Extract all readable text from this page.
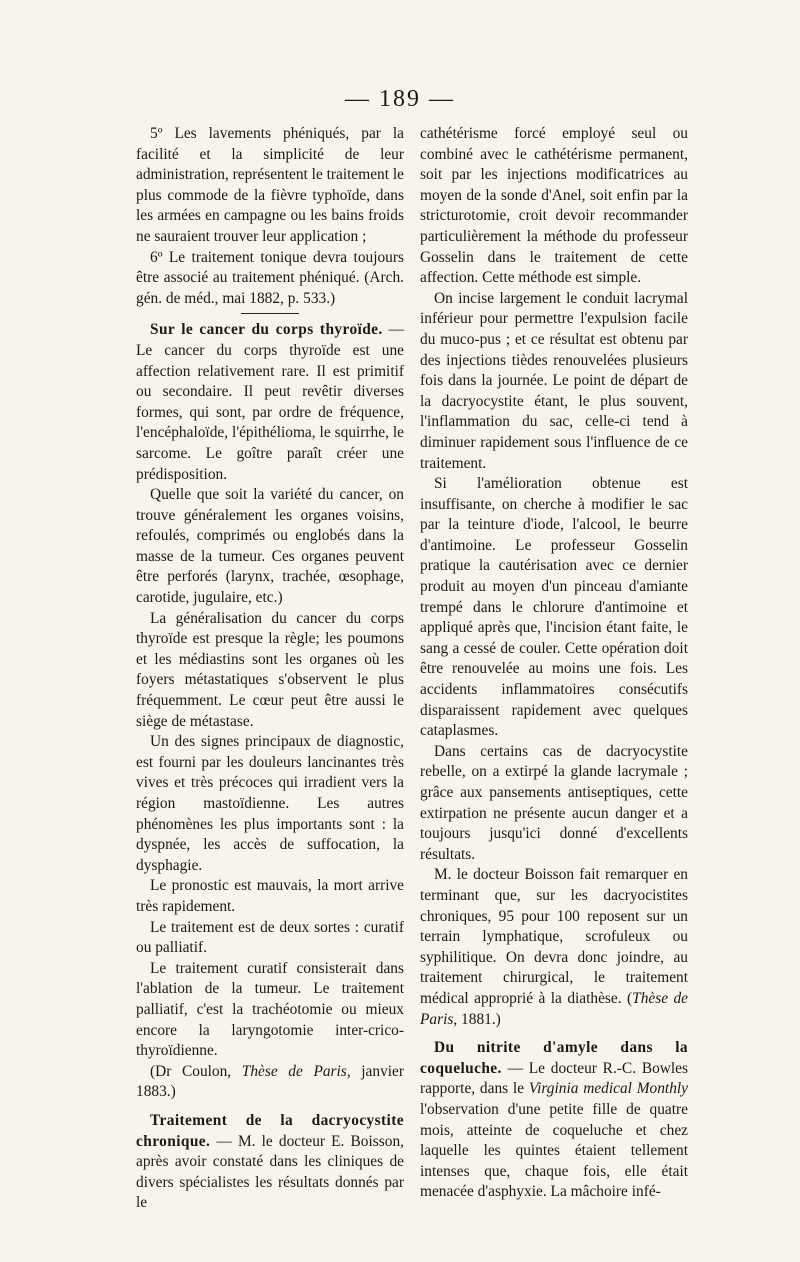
— 189 —

5º Les lavements phéniqués, par la facilité et la simplicité de leur administration, représentent le traitement le plus commode de la fièvre typhoïde, dans les armées en campagne ou les bains froids ne sauraient trouver leur application ;

6º Le traitement tonique devra toujours être associé au traitement phéniqué. (Arch. gén. de méd., mai 1882, p. 533.)

Sur le cancer du corps thyroïde. — Le cancer du corps thyroïde est une affection relativement rare. Il est primitif ou secondaire. Il peut revêtir diverses formes, qui sont, par ordre de fréquence, l'encéphaloïde, l'épithélioma, le squirrhe, le sarcome. Le goître paraît créer une prédisposition.

Quelle que soit la variété du cancer, on trouve généralement les organes voisins, refoulés, comprimés ou englobés dans la masse de la tumeur. Ces organes peuvent être perforés (larynx, trachée, œsophage, carotide, jugulaire, etc.)

La généralisation du cancer du corps thyroïde est presque la règle; les poumons et les médiastins sont les organes où les foyers métastatiques s'observent le plus fréquemment. Le cœur peut être aussi le siège de métastase.

Un des signes principaux de diagnostic, est fourni par les douleurs lancinantes très vives et très précoces qui irradient vers la région mastoïdienne. Les autres phénomènes les plus importants sont : la dyspnée, les accès de suffocation, la dysphagie.

Le pronostic est mauvais, la mort arrive très rapidement.

Le traitement est de deux sortes : curatif ou palliatif.

Le traitement curatif consisterait dans l'ablation de la tumeur. Le traitement palliatif, c'est la trachéotomie ou mieux encore la laryngotomie inter-crico-thyroïdienne.

(Dr Coulon, Thèse de Paris, janvier 1883.)

Traitement de la dacryocystite chronique. — M. le docteur E. Boisson, après avoir constaté dans les cliniques de divers spécialistes les résultats donnés par le

cathétérisme forcé employé seul ou combiné avec le cathétérisme permanent, soit par les injections modificatrices au moyen de la sonde d'Anel, soit enfin par la stricturotomie, croit devoir recommander particulièrement la méthode du professeur Gosselin dans le traitement de cette affection. Cette méthode est simple.

On incise largement le conduit lacrymal inférieur pour permettre l'expulsion facile du muco-pus ; et ce résultat est obtenu par des injections tièdes renouvelées plusieurs fois dans la journée. Le point de départ de la dacryocystite étant, le plus souvent, l'inflammation du sac, celle-ci tend à diminuer rapidement sous l'influence de ce traitement.

Si l'amélioration obtenue est insuffisante, on cherche à modifier le sac par la teinture d'iode, l'alcool, le beurre d'antimoine. Le professeur Gosselin pratique la cautérisation avec ce dernier produit au moyen d'un pinceau d'amiante trempé dans le chlorure d'antimoine et appliqué après que, l'incision étant faite, le sang a cessé de couler. Cette opération doit être renouvelée au moins une fois. Les accidents inflammatoires consécutifs disparaissent rapidement avec quelques cataplasmes.

Dans certains cas de dacryocystite rebelle, on a extirpé la glande lacrymale ; grâce aux pansements antiseptiques, cette extirpation ne présente aucun danger et a toujours jusqu'ici donné d'excellents résultats.

M. le docteur Boisson fait remarquer en terminant que, sur les dacryocistites chroniques, 95 pour 100 reposent sur un terrain lymphatique, scrofuleux ou syphilitique. On devra donc joindre, au traitement chirurgical, le traitement médical approprié à la diathèse. (Thèse de Paris, 1881.)

Du nitrite d'amyle dans la coqueluche. — Le docteur R.-C. Bowles rapporte, dans le Virginia medical Monthly l'observation d'une petite fille de quatre mois, atteinte de coqueluche et chez laquelle les quintes étaient tellement intenses que, chaque fois, elle était menacée d'asphyxie. La mâchoire infé-
